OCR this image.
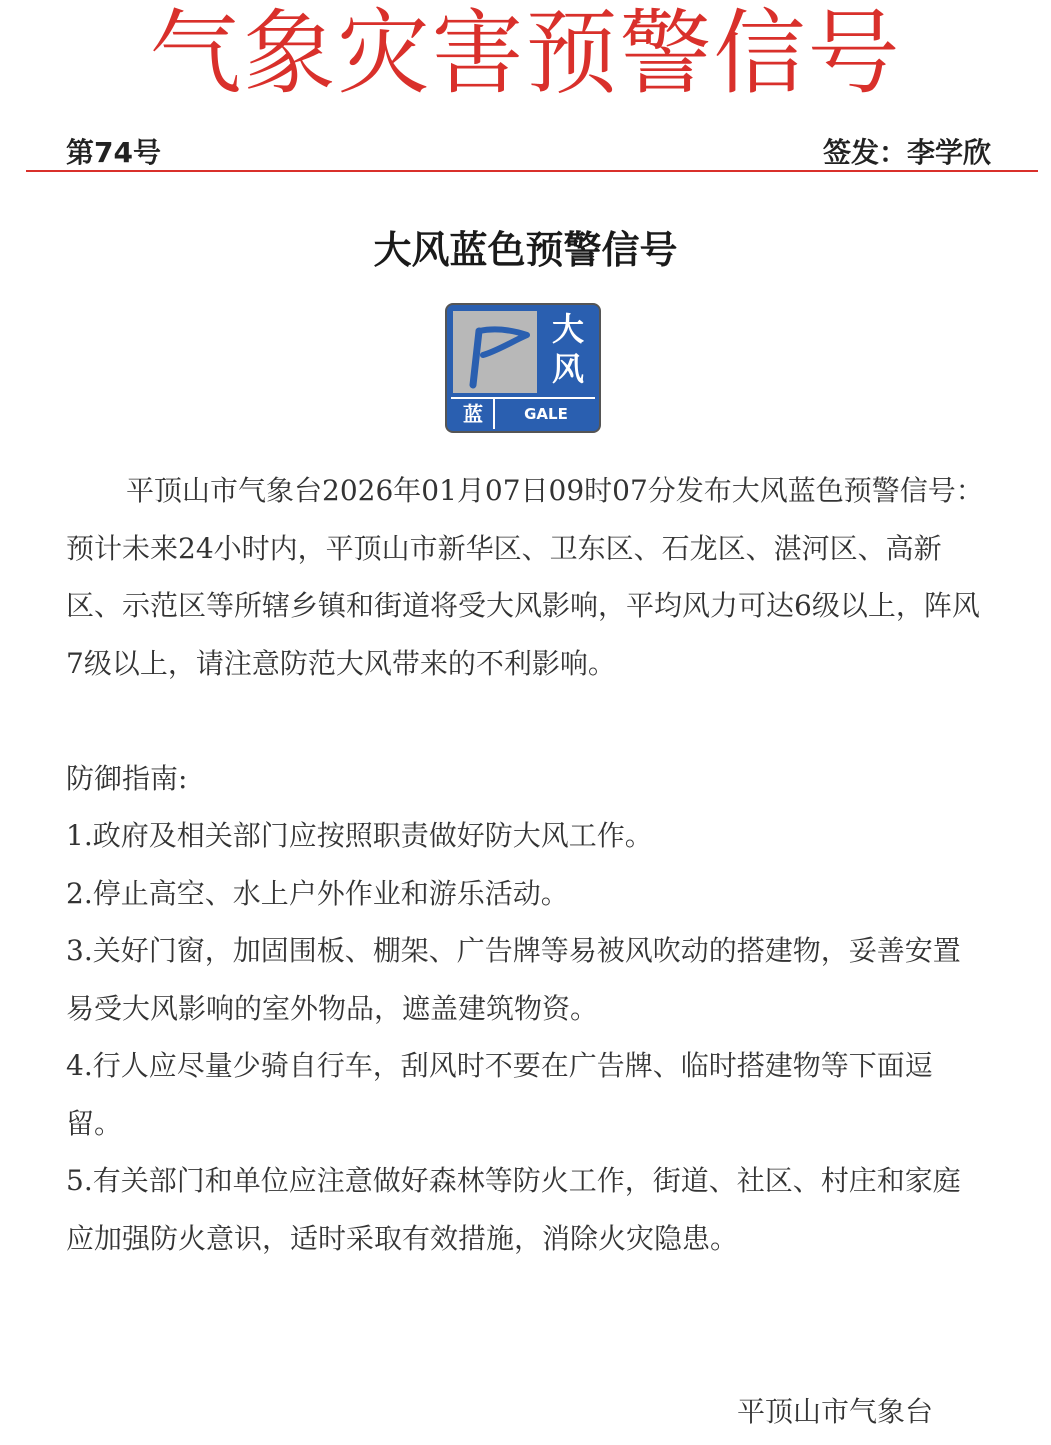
气象灾害预警信号
第74号	签发：李学欣
大风蓝色预警信号
大
风
蓝	GALE

平顶山市气象台2026年01月07日09时07分发布大风蓝色预警信号：预计未来24小时内，平顶山市新华区、卫东区、石龙区、湛河区、高新区、示范区等所辖乡镇和街道将受大风影响，平均风力可达6级以上，阵风7级以上，请注意防范大风带来的不利影响。

防御指南:

1.政府及相关部门应按照职责做好防大风工作。

2.停止高空、水上户外作业和游乐活动。

3.关好门窗，加固围板、棚架、广告牌等易被风吹动的搭建物，妥善安置易受大风影响的室外物品，遮盖建筑物资。

4.行人应尽量少骑自行车，刮风时不要在广告牌、临时搭建物等下面逗留。

5.有关部门和单位应注意做好森林等防火工作，街道、社区、村庄和家庭应加强防火意识，适时采取有效措施，消除火灾隐患。

平顶山市气象台
